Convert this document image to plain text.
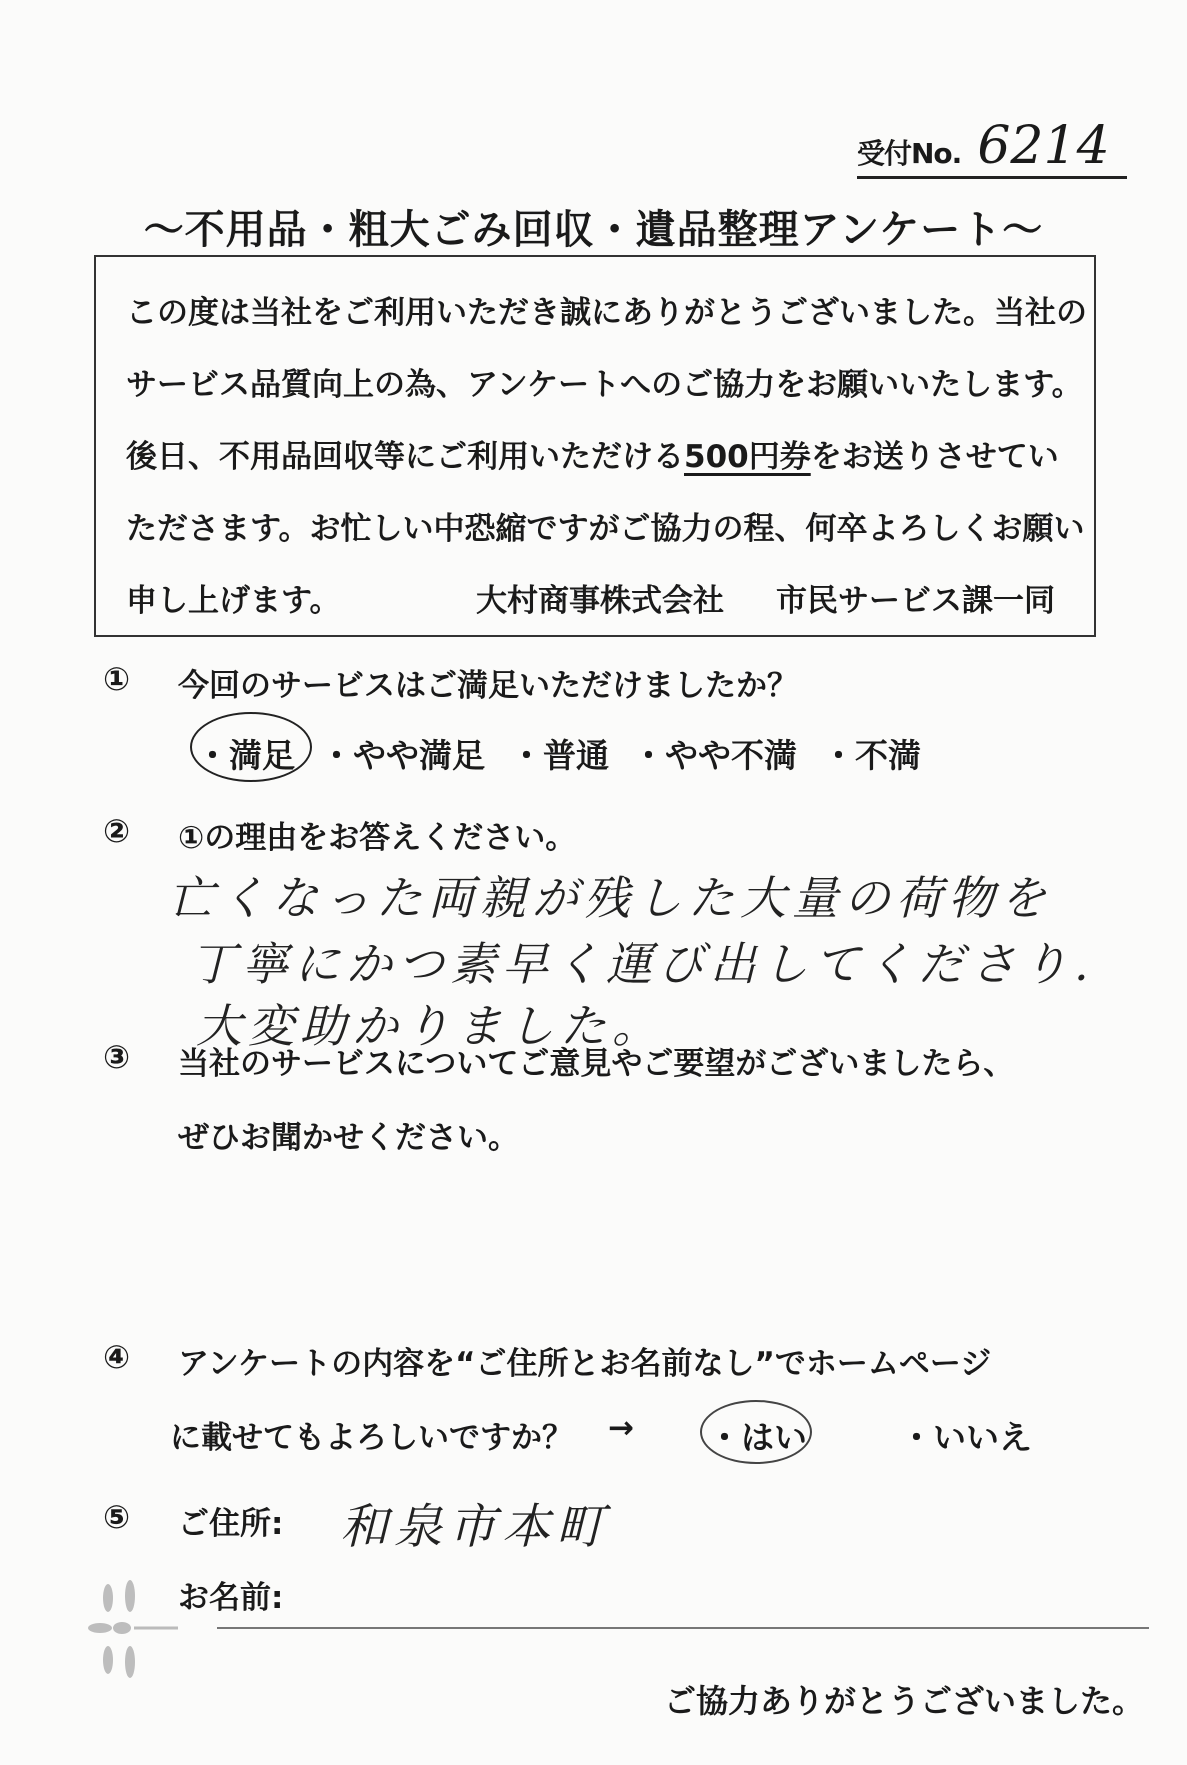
受付No. 6214
～不用品・粗大ごみ回収・遺品整理アンケート～
この度は当社をご利用いただき誠にありがとうございました。当社の
サービス品質向上の為、アンケートへのご協力をお願いいたします。
後日、不用品回収等にご利用いただける500円券をお送りさせてい
たださます。お忙しい中恐縮ですがご協力の程、何卒よろしくお願い
申し上げます。	大村商事株式会社 市民サービス課一同
① 今回のサービスはご満足いただけましたか？
・満足 ・やや満足 ・普通 ・やや不満 ・不満
② ①の理由をお答えください。
亡くなった両親が残した大量の荷物を
丁寧にかつ素早く運び出してくださり.
大変助かりました。
③ 当社のサービスについてご意見やご要望がございましたら、
ぜひお聞かせください。
④ アンケートの内容を“ご住所とお名前なし”でホームページ
に載せてもよろしいですか？ → ・はい	・いいえ
⑤ ご住所: 和泉市本町
お名前:
ご協力ありがとうございました。
